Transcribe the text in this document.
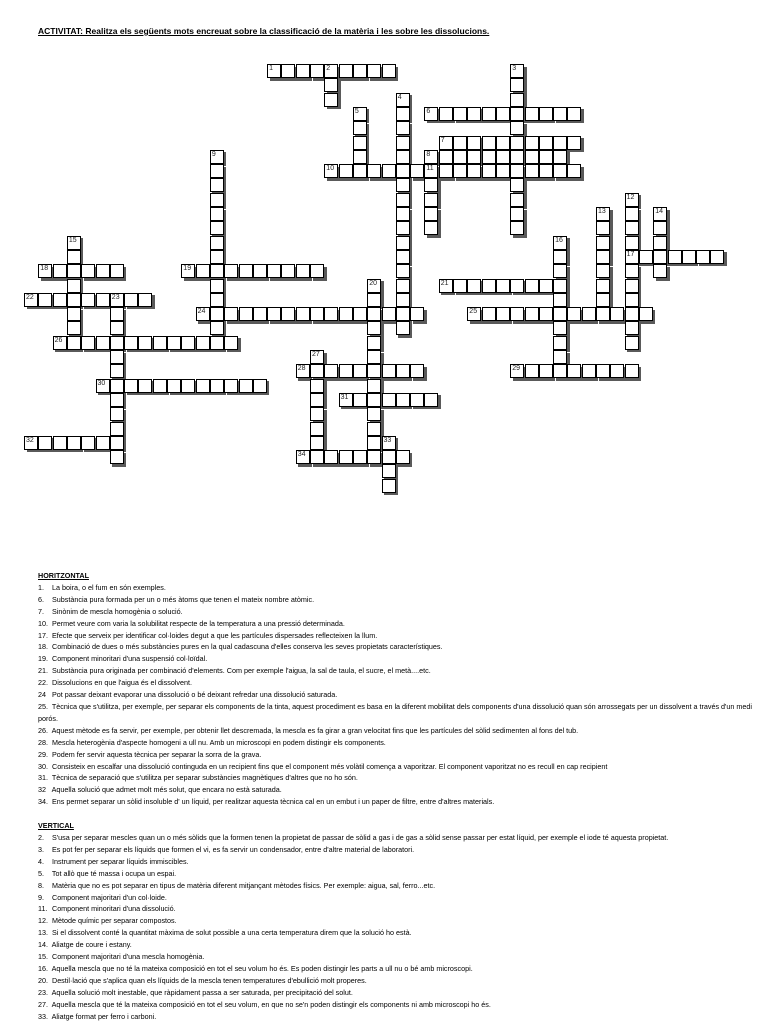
ACTIVITAT: Realitza els següents mots encreuat sobre la classificació de la matèria i les sobre les dissolucions.
1	2	3
4
5	6
7
8
9
10	11
12
13	14
15	16
17
18	19
20	21
22	23
24	25
26
27
28	29
30
31
32	33
34
HORITZONTAL
1. La boira, o el fum en són exemples.
6. Substància pura formada per un o més àtoms que tenen el mateix nombre atòmic.
7. Sinònim de mescla homogènia o solució.
10. Permet veure com varia la solubilitat respecte de la temperatura a una pressió determinada.
17. Efecte que serveix per identificar col·loides degut a que les partícules dispersades reflecteixen la llum.
18. Combinació de dues o més substàncies pures en la qual cadascuna d'elles conserva les seves propietats característiques.
19. Component minoritari d'una suspensió col·loïdal.
21. Substància pura originada per combinació d'elements. Com per exemple l'aigua, la sal de taula, el sucre, el metà....etc.
22. Dissolucions en que l'aigua és el dissolvent.
24 Pot passar deixant evaporar una dissolució o bé deixant refredar una dissolució saturada.
25. Tècnica que s'utilitza, per exemple, per separar els components de la tinta, aquest procediment es basa en la diferent mobilitat dels components d'una dissolució quan són arrossegats per un dissolvent a través d'un medi porós.
26. Aquest mètode es fa servir, per exemple, per obtenir llet descremada, la mescla es fa girar a gran velocitat fins que les partícules del sòlid sedimenten al fons del tub.
28. Mescla heterogènia d'aspecte homogeni a ull nu. Amb un microscopi en podem distingir els components.
29. Podem fer servir aquesta tècnica per separar la sorra de la grava.
30. Consisteix en escalfar una dissolució continguda en un recipient fins que el component més volàtil comença a vaporitzar. El component vaporitzat no es recull en cap recipient
31. Tècnica de separació que s'utilitza per separar substàncies magnètiques d'altres que no ho són.
32 Aquella solució que admet molt més solut, que encara no està saturada.
34. Ens permet separar un sòlid insoluble d' un líquid, per realitzar aquesta tècnica cal en un embut i un paper de filtre, entre d'altres materials.
VERTICAL
2. S'usa per separar mescles quan un o més sòlids que la formen tenen la propietat de passar de sòlid a gas i de gas a sòlid sense passar per estat líquid, per exemple el iode té aquesta propietat.
3. Es pot fer per separar els líquids que formen el vi, es fa servir un condensador, entre d'altre material de laboratori.
4. Instrument per separar líquids immiscibles.
5. Tot allò que té massa i ocupa un espai.
8. Matèria que no es pot separar en tipus de matèria diferent mitjançant mètodes físics. Per exemple: aigua, sal, ferro...etc.
9. Component majoritari d'un col·loide.
11. Component minoritari d'una dissolució.
12. Mètode químic per separar compostos.
13. Si el dissolvent conté la quantitat màxima de solut possible a una certa temperatura direm que la solució ho està.
14. Aliatge de coure i estany.
15. Component majoritari d'una mescla homogènia.
16. Aquella mescla que no té la mateixa composició en tot el seu volum ho és. Es poden distingir les parts a ull nu o bé amb microscopi.
20. Destil·lació que s'aplica quan els líquids de la mescla tenen temperatures d'ebullició molt properes.
23. Aquella solució molt inestable, que ràpidament passa a ser saturada, per precipitació del solut.
27. Aquella mescla que té la mateixa composició en tot el seu volum, en que no se'n poden distingir els components ni amb microscopi ho és.
33. Aliatge format per ferro i carboni.
